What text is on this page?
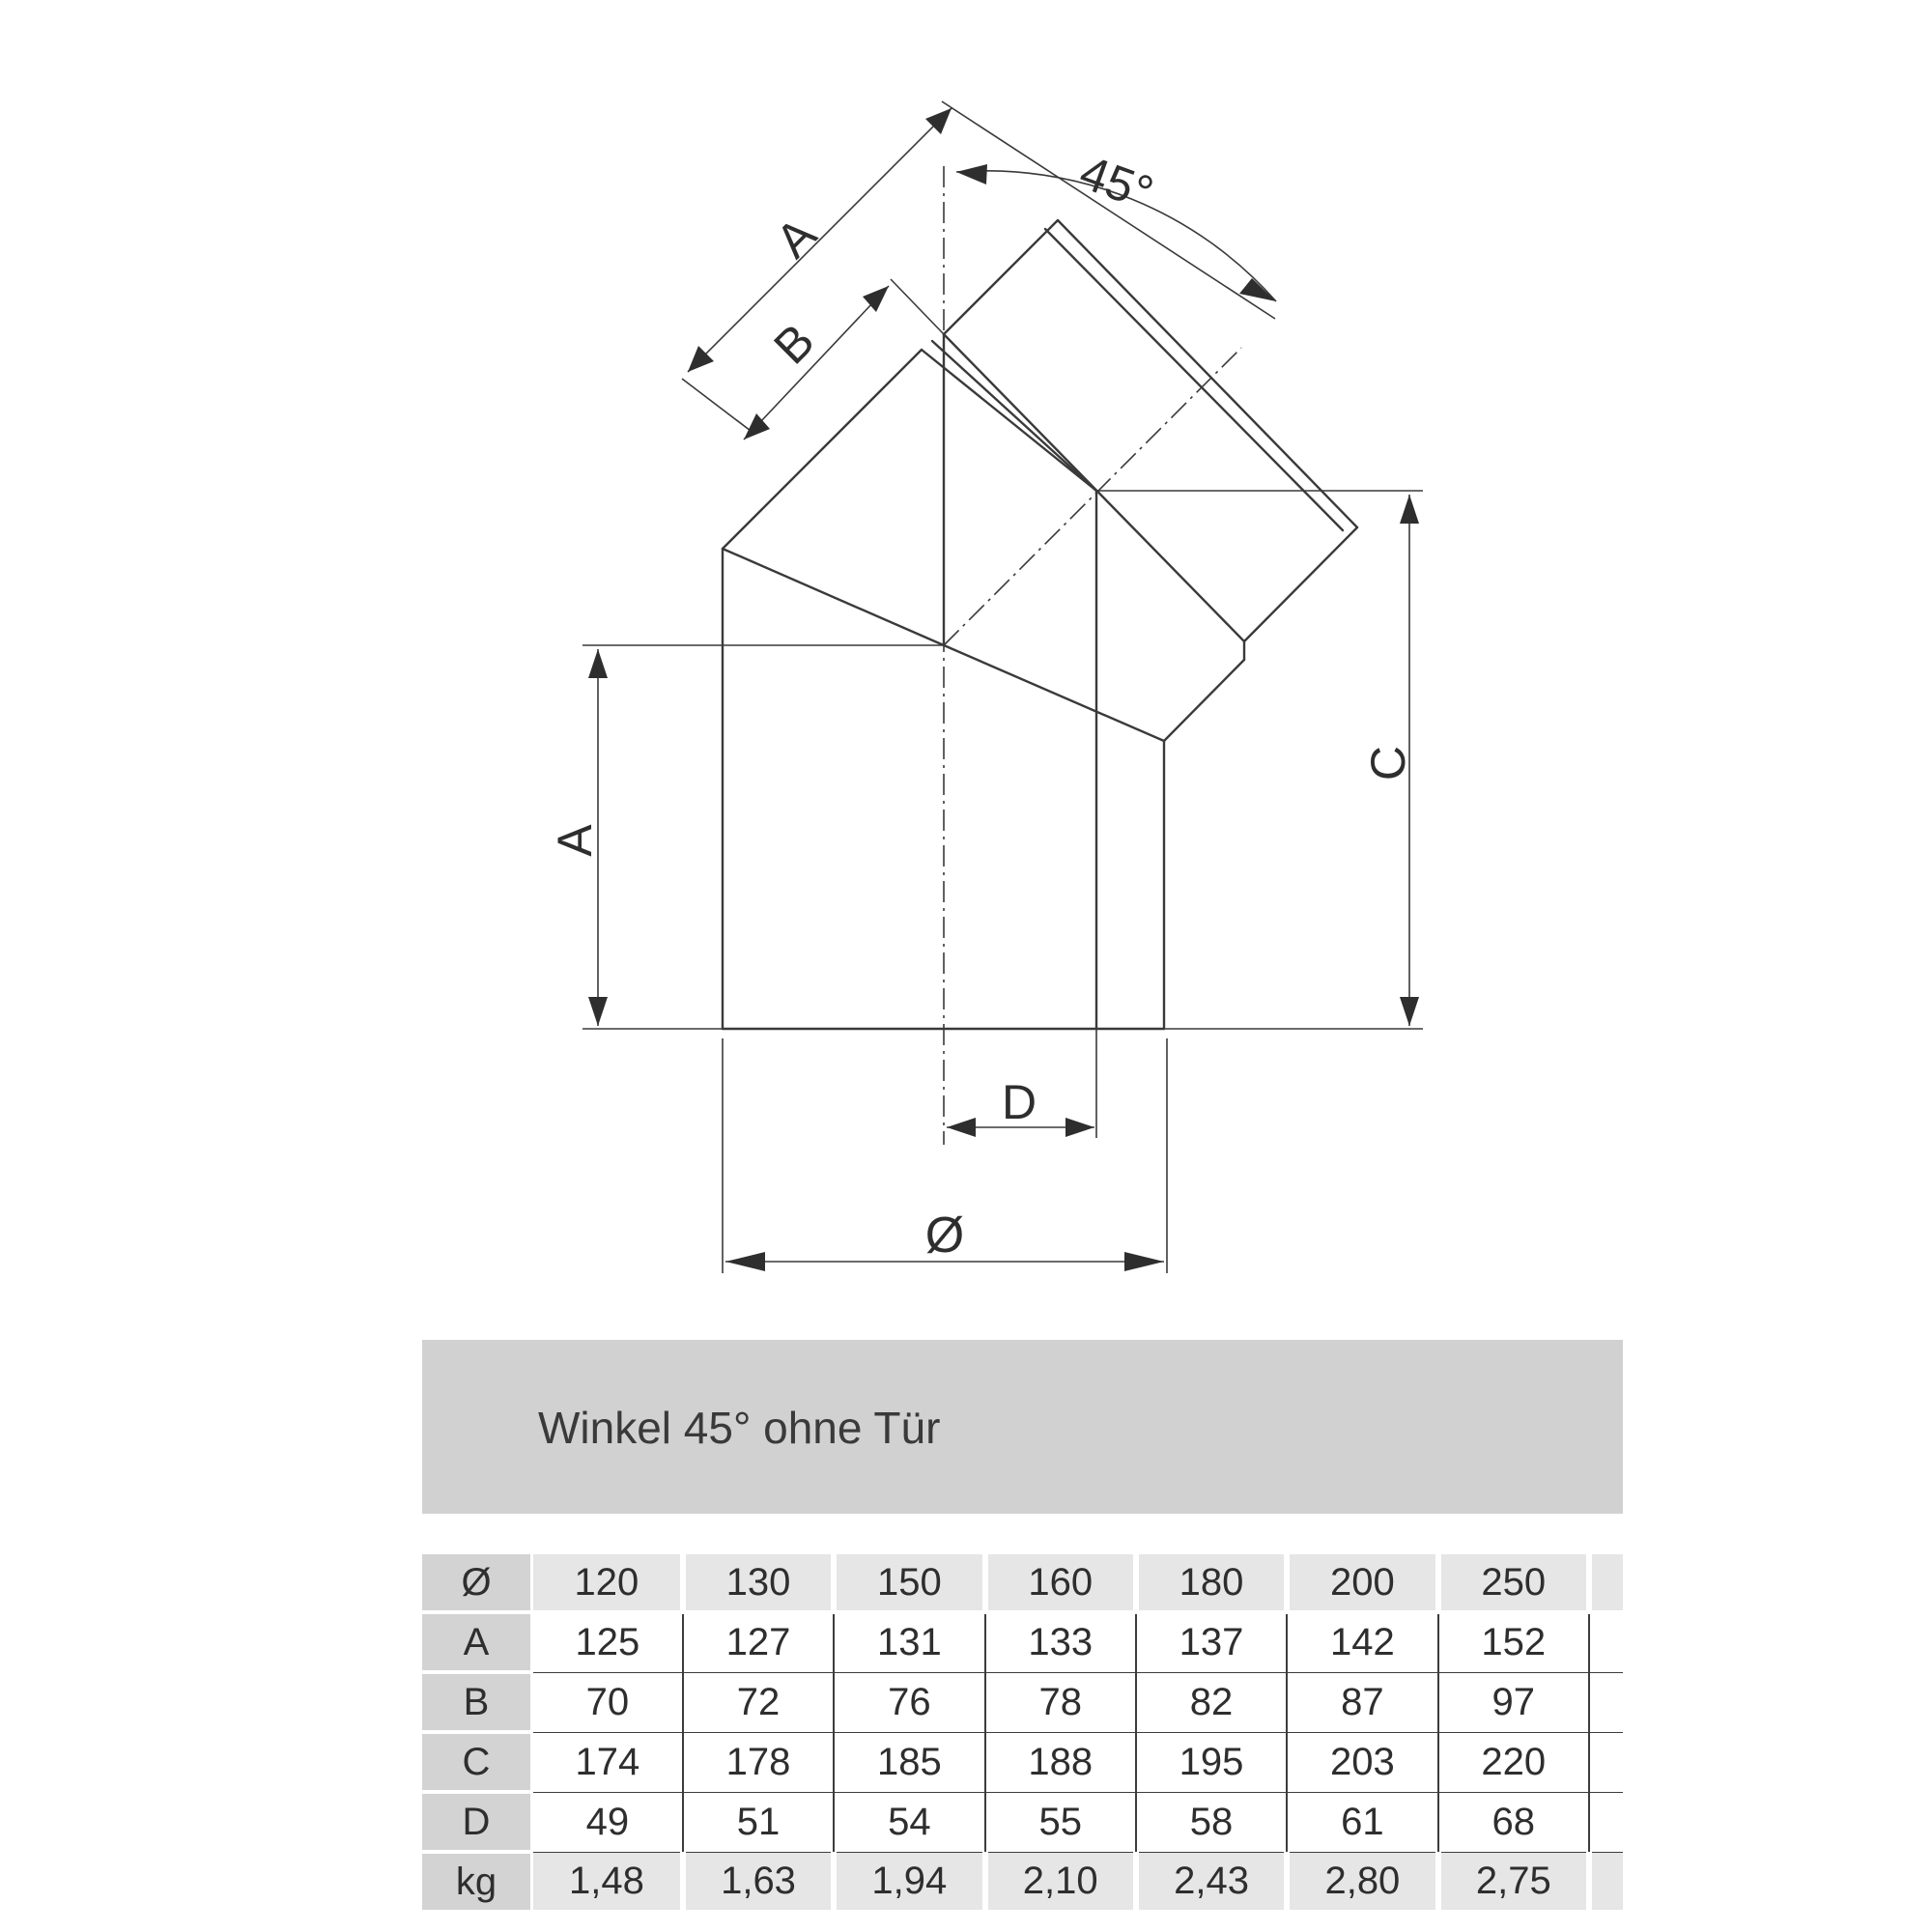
45°
A
B
A
C
D
Ø
Winkel 45° ohne Tür
Ø	120	130	150	160	180	200	250	
A	125	127	131	133	137	142	152	
B	70	72	76	78	82	87	97	
C	174	178	185	188	195	203	220	
D	49	51	54	55	58	61	68	
kg	1,48	1,63	1,94	2,10	2,43	2,80	2,75	
